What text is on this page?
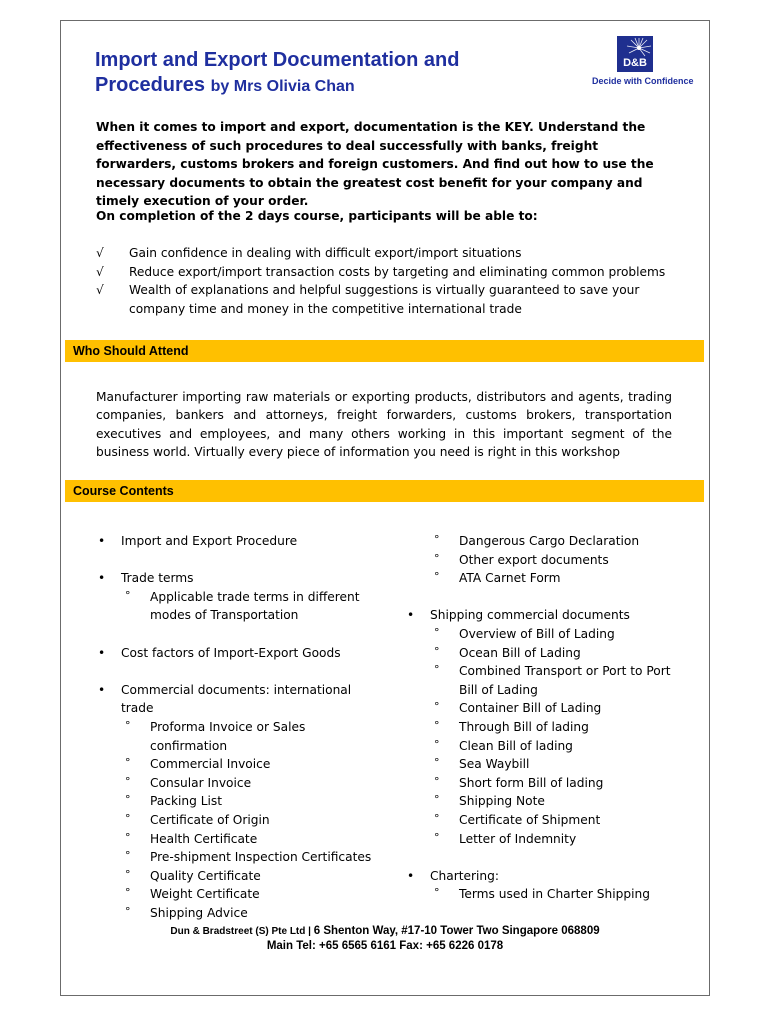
Import and Export Documentation and
Procedures by Mrs Olivia Chan
D&B
Decide with Confidence
When it comes to import and export, documentation is the KEY. Understand the effectiveness of such procedures to deal successfully with banks, freight forwarders, customs brokers and foreign customers. And find out how to use the necessary documents to obtain the greatest cost benefit for your company and timely execution of your order.
On completion of the 2 days course, participants will be able to:
√ Gain confidence in dealing with difficult export/import situations
√ Reduce export/import transaction costs by targeting and eliminating common problems
√ Wealth of explanations and helpful suggestions is virtually guaranteed to save your company time and money in the competitive international trade
Who Should Attend
Manufacturer importing raw materials or exporting products, distributors and agents, trading companies, bankers and attorneys, freight forwarders, customs brokers, transportation executives and employees, and many others working in this important segment of the business world. Virtually every piece of information you need is right in this workshop
Course Contents
• Import and Export Procedure
• Trade terms
° Applicable trade terms in different modes of Transportation
• Cost factors of Import-Export Goods
• Commercial documents: international trade
° Proforma Invoice or Sales confirmation
° Commercial Invoice
° Consular Invoice
° Packing List
° Certificate of Origin
° Health Certificate
° Pre-shipment Inspection Certificates
° Quality Certificate
° Weight Certificate
° Shipping Advice
° Dangerous Cargo Declaration
° Other export documents
° ATA Carnet Form
• Shipping commercial documents
° Overview of Bill of Lading
° Ocean Bill of Lading
° Combined Transport or Port to Port Bill of Lading
° Container Bill of Lading
° Through Bill of lading
° Clean Bill of lading
° Sea Waybill
° Short form Bill of lading
° Shipping Note
° Certificate of Shipment
° Letter of Indemnity
• Chartering:
° Terms used in Charter Shipping
Dun & Bradstreet (S) Pte Ltd | 6 Shenton Way, #17-10 Tower Two Singapore 068809
Main Tel: +65 6565 6161 Fax: +65 6226 0178
